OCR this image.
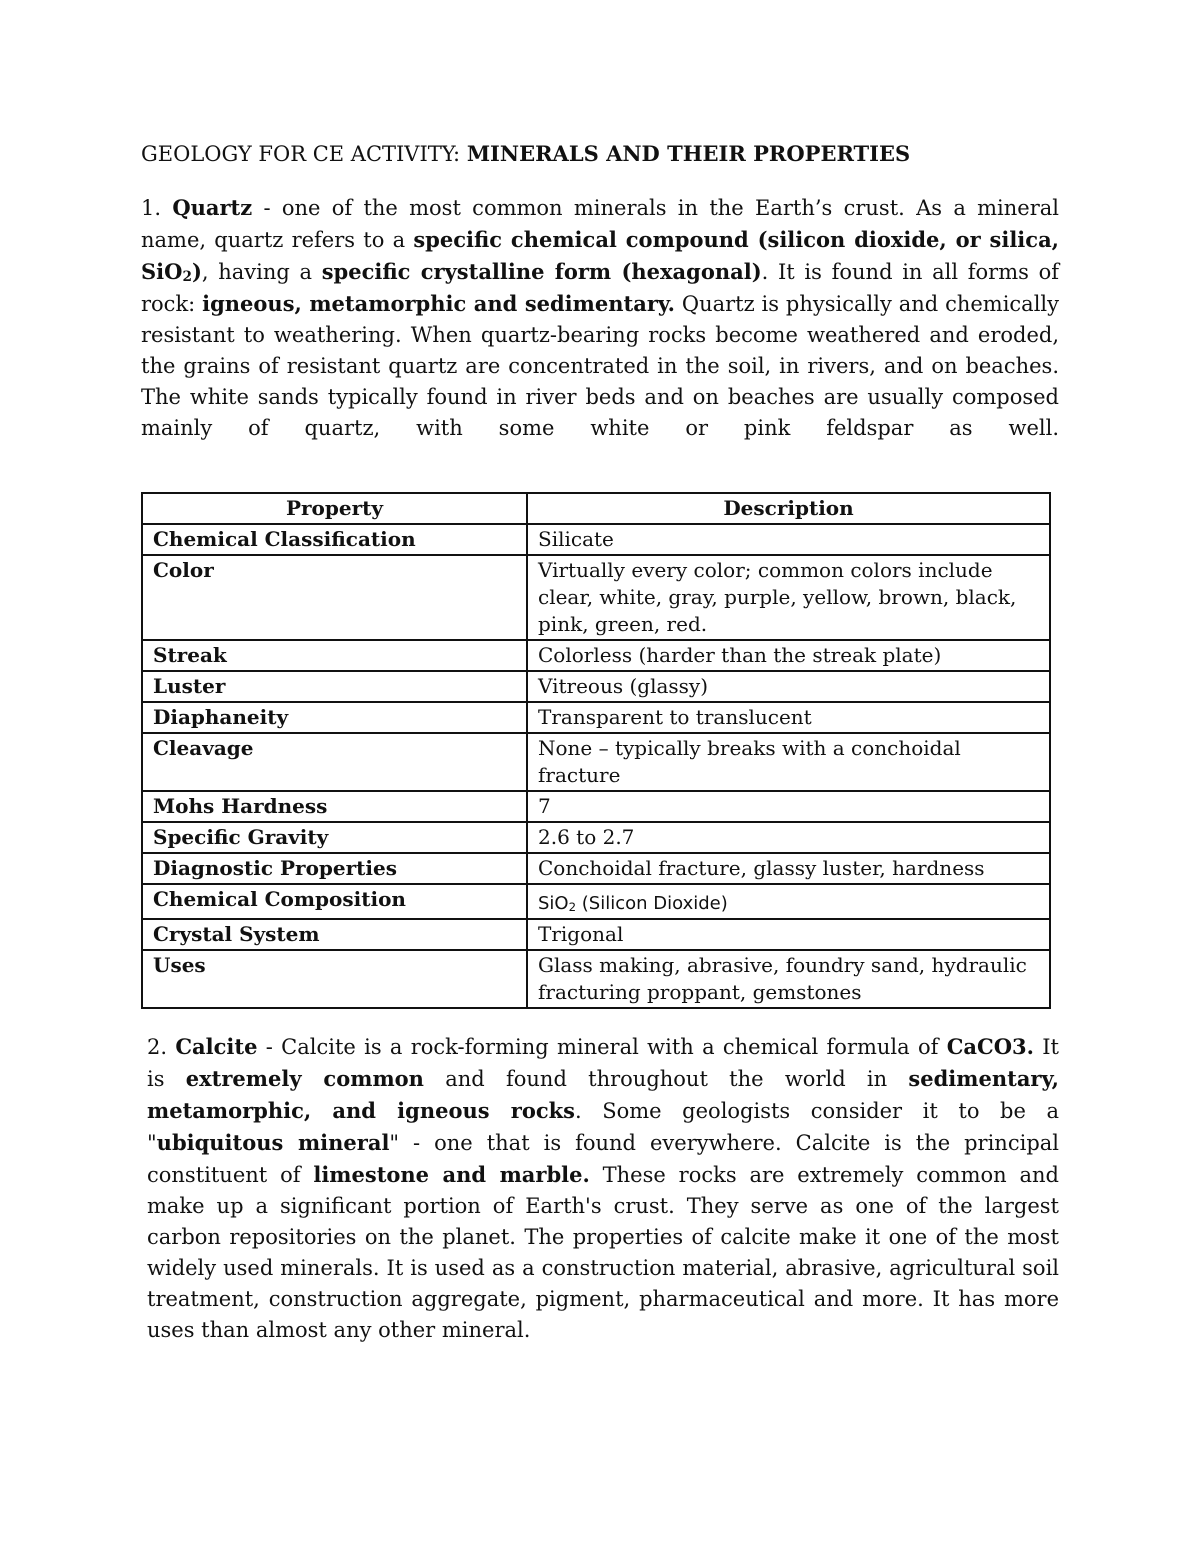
GEOLOGY FOR CE ACTIVITY: MINERALS AND THEIR PROPERTIES

1. Quartz - one of the most common minerals in the Earth’s crust. As a mineral name, quartz refers to a specific chemical compound (silicon dioxide, or silica, SiO$_2$), having a specific crystalline form (hexagonal). It is found in all forms of rock: igneous, metamorphic and sedimentary. Quartz is physically and chemically resistant to weathering. When quartz-bearing rocks become weathered and eroded, the grains of resistant quartz are concentrated in the soil, in rivers, and on beaches. The white sands typically found in river beds and on beaches are usually composed mainly of quartz, with some white or pink feldspar as well.

Property	Description
Chemical Classification	Silicate
Color	Virtually every color; common colors include clear, white, gray, purple, yellow, brown, black, pink, green, red.
Streak	Colorless (harder than the streak plate)
Luster	Vitreous (glassy)
Diaphaneity	Transparent to translucent
Cleavage	None – typically breaks with a conchoidal fracture
Mohs Hardness	7
Specific Gravity	2.6 to 2.7
Diagnostic Properties	Conchoidal fracture, glassy luster, hardness
Chemical Composition	SiO$_2$ (Silicon Dioxide)
Crystal System	Trigonal
Uses	Glass making, abrasive, foundry sand, hydraulic fracturing proppant, gemstones

2. Calcite - Calcite is a rock-forming mineral with a chemical formula of CaCO3. It is extremely common and found throughout the world in sedimentary, metamorphic, and igneous rocks. Some geologists consider it to be a "ubiquitous mineral" - one that is found everywhere. Calcite is the principal constituent of limestone and marble. These rocks are extremely common and make up a significant portion of Earth's crust. They serve as one of the largest carbon repositories on the planet. The properties of calcite make it one of the most widely used minerals. It is used as a construction material, abrasive, agricultural soil treatment, construction aggregate, pigment, pharmaceutical and more. It has more uses than almost any other mineral.
